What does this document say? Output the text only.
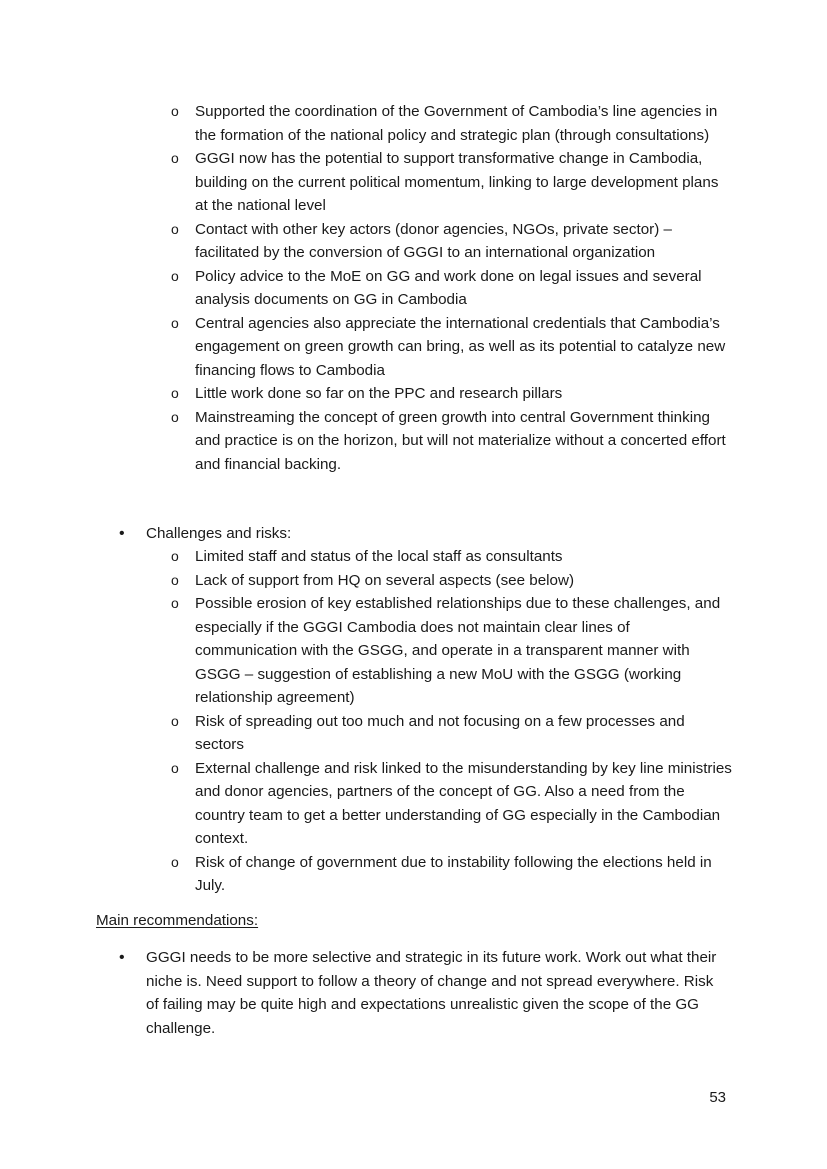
o Supported the coordination of the Government of Cambodia’s line agencies in the formation of the national policy and strategic plan (through consultations)
o GGGI now has the potential to support transformative change in Cambodia, building on the current political momentum, linking to large development plans at the national level
o Contact with other key actors (donor agencies, NGOs, private sector) – facilitated by the conversion of GGGI to an international organization
o Policy advice to the MoE on GG and work done on legal issues and several analysis documents on GG in Cambodia
o Central agencies also appreciate the international credentials that Cambodia’s engagement on green growth can bring, as well as its potential to catalyze new financing flows to Cambodia
o Little work done so far on the PPC and research pillars
o Mainstreaming the concept of green growth into central Government thinking and practice is on the horizon, but will not materialize without a concerted effort and financial backing.
• Challenges and risks:
o Limited staff and status of the local staff as consultants
o Lack of support from HQ on several aspects (see below)
o Possible erosion of key established relationships due to these challenges, and especially if the GGGI Cambodia does not maintain clear lines of communication with the GSGG, and operate in a transparent manner with GSGG – suggestion of establishing a new MoU with the GSGG (working relationship agreement)
o Risk of spreading out too much and not focusing on a few processes and sectors
o External challenge and risk linked to the misunderstanding by key line ministries and donor agencies, partners of the concept of GG. Also a need from the country team to get a better understanding of GG especially in the Cambodian context.
o Risk of change of government due to instability following the elections held in July.
Main recommendations:
• GGGI needs to be more selective and strategic in its future work. Work out what their niche is. Need support to follow a theory of change and not spread everywhere. Risk of failing may be quite high and expectations unrealistic given the scope of the GG challenge.
53
